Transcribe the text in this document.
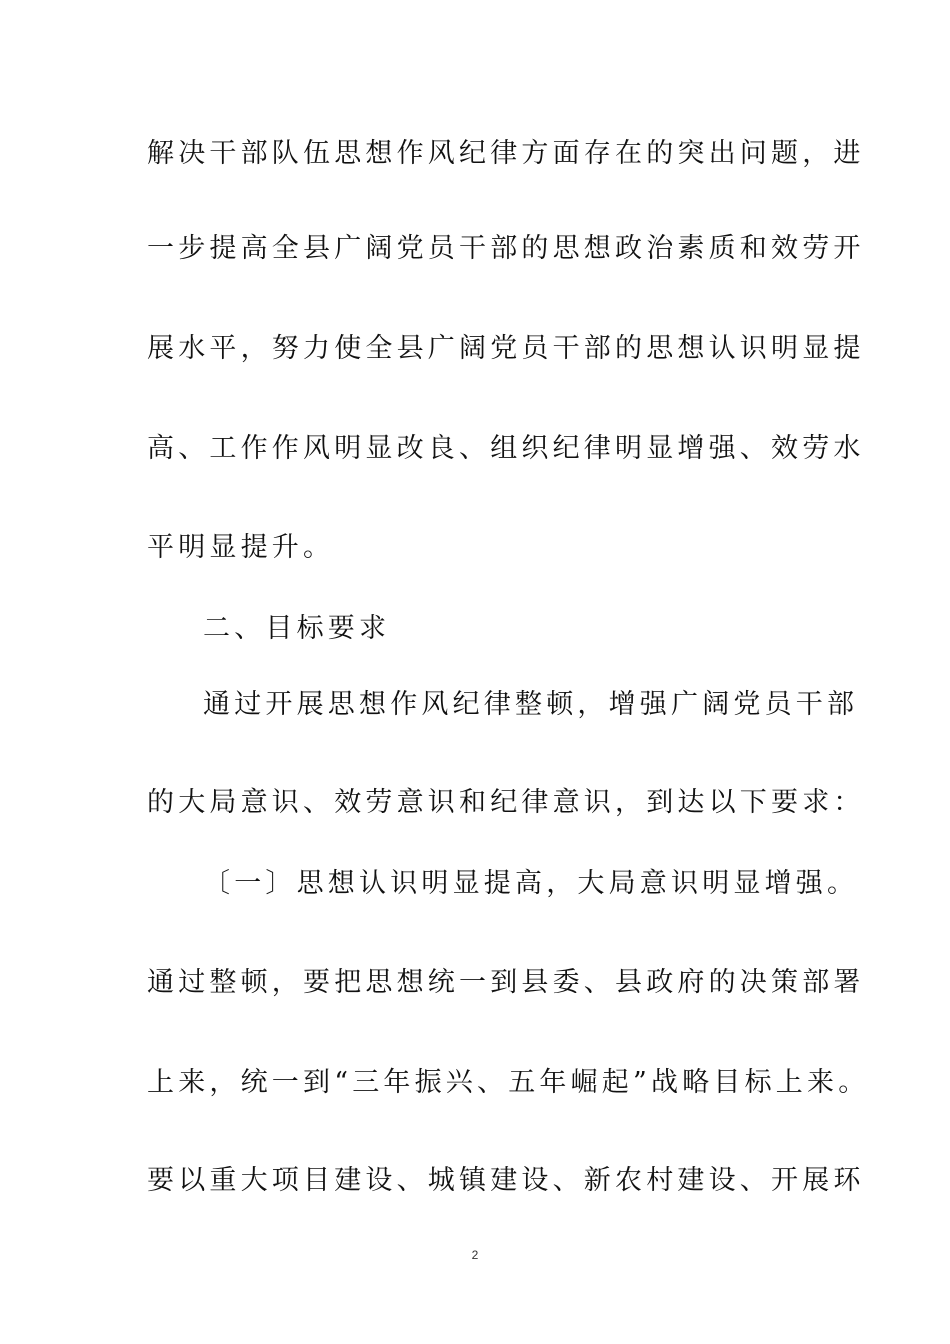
解决干部队伍思想作风纪律方面存在的突出问题，进
一步提高全县广阔党员干部的思想政治素质和效劳开
展水平，努力使全县广阔党员干部的思想认识明显提
高、工作作风明显改良、组织纪律明显增强、效劳水
平明显提升。
二、目标要求
通过开展思想作风纪律整顿，增强广阔党员干部
的大局意识、效劳意识和纪律意识，到达以下要求：
〔一〕思想认识明显提高，大局意识明显增强。
通过整顿，要把思想统一到县委、县政府的决策部署
上来，统一到“三年振兴、五年崛起”战略目标上来。
要以重大项目建设、城镇建设、新农村建设、开展环
2
